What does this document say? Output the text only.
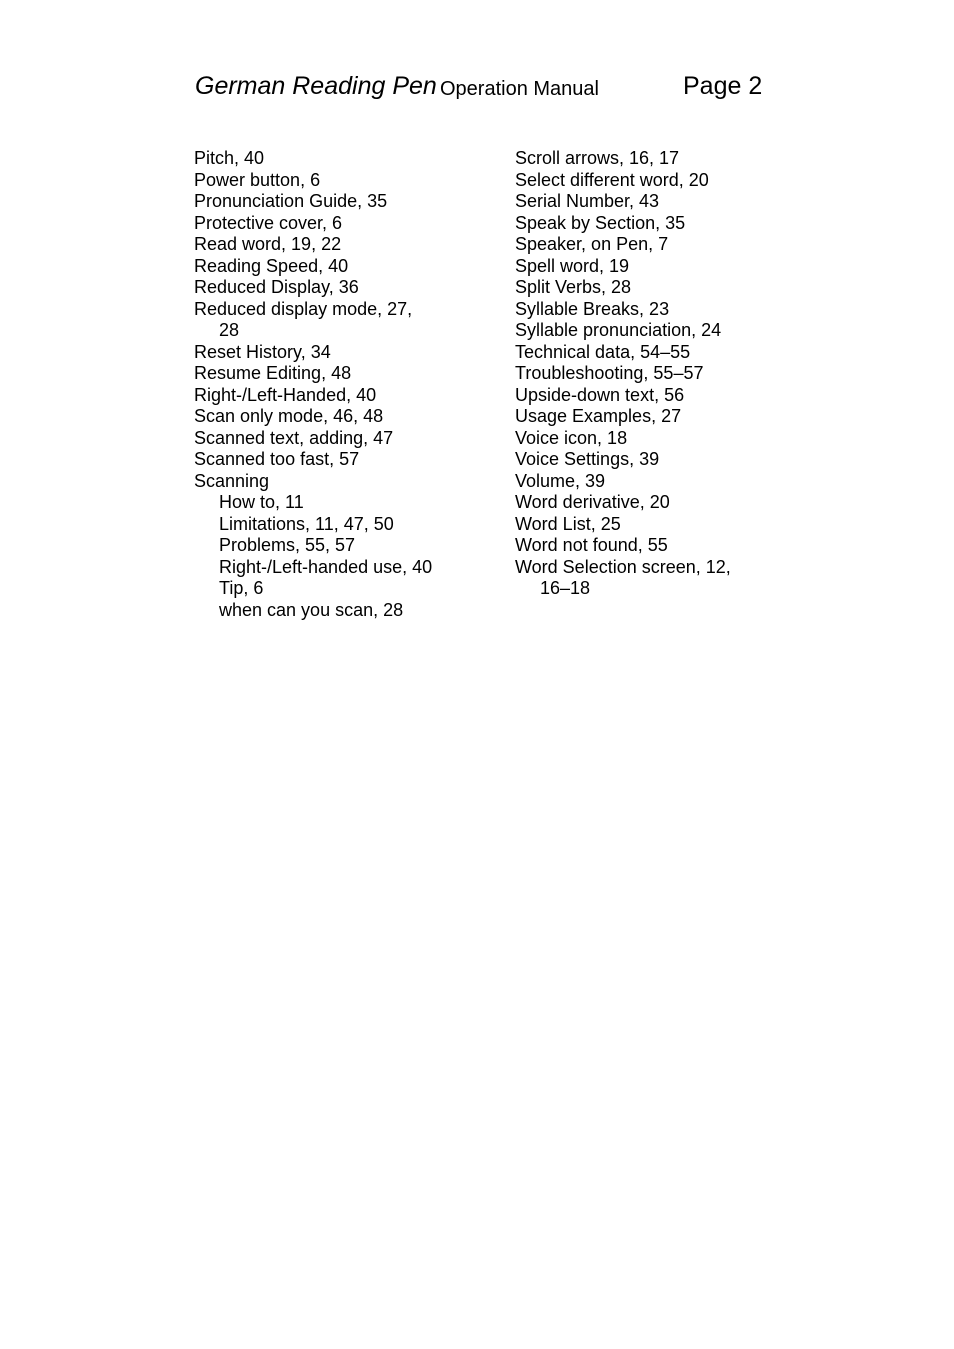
German Reading Pen Operation Manual	Page 2
Pitch, 40
Power button, 6
Pronunciation Guide, 35
Protective cover, 6
Read word, 19, 22
Reading Speed, 40
Reduced Display, 36
Reduced display mode, 27,
28
Reset History, 34
Resume Editing, 48
Right-/Left-Handed, 40
Scan only mode, 46, 48
Scanned text, adding, 47
Scanned too fast, 57
Scanning
How to, 11
Limitations, 11, 47, 50
Problems, 55, 57
Right-/Left-handed use, 40
Tip, 6
when can you scan, 28
Scroll arrows, 16, 17
Select different word, 20
Serial Number, 43
Speak by Section, 35
Speaker, on Pen, 7
Spell word, 19
Split Verbs, 28
Syllable Breaks, 23
Syllable pronunciation, 24
Technical data, 54–55
Troubleshooting, 55–57
Upside-down text, 56
Usage Examples, 27
Voice icon, 18
Voice Settings, 39
Volume, 39
Word derivative, 20
Word List, 25
Word not found, 55
Word Selection screen, 12,
16–18
